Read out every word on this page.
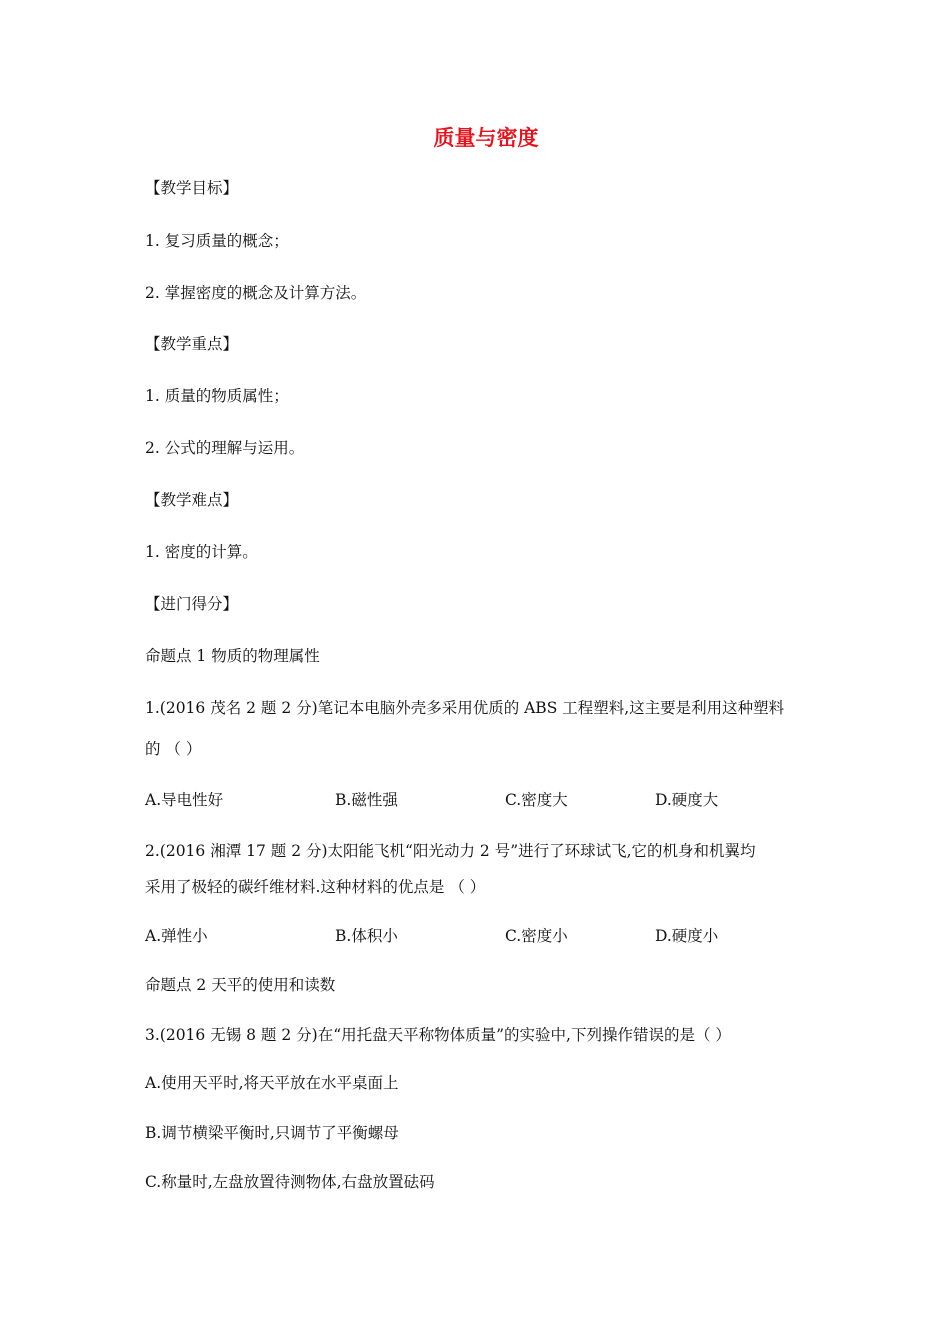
质量与密度
【教学目标】
1. 复习质量的概念；
2. 掌握密度的概念及计算方法。
【教学重点】
1. 质量的物质属性；
2. 公式的理解与运用。
【教学难点】
1. 密度的计算。
【进门得分】
命题点 1 物质的物理属性
1.(2016 茂名 2 题 2 分)笔记本电脑外壳多采用优质的 ABS 工程塑料,这主要是利用这种塑料
的 （ ）
A.导电性好	B.磁性强	C.密度大	D.硬度大
2.(2016 湘潭 17 题 2 分)太阳能飞机“阳光动力 2 号”进行了环球试飞,它的机身和机翼均
采用了极轻的碳纤维材料.这种材料的优点是 （ ）
A.弹性小	B.体积小	C.密度小	D.硬度小
命题点 2 天平的使用和读数
3.(2016 无锡 8 题 2 分)在“用托盘天平称物体质量”的实验中,下列操作错误的是（ ）
A.使用天平时,将天平放在水平桌面上
B.调节横梁平衡时,只调节了平衡螺母
C.称量时,左盘放置待测物体,右盘放置砝码
